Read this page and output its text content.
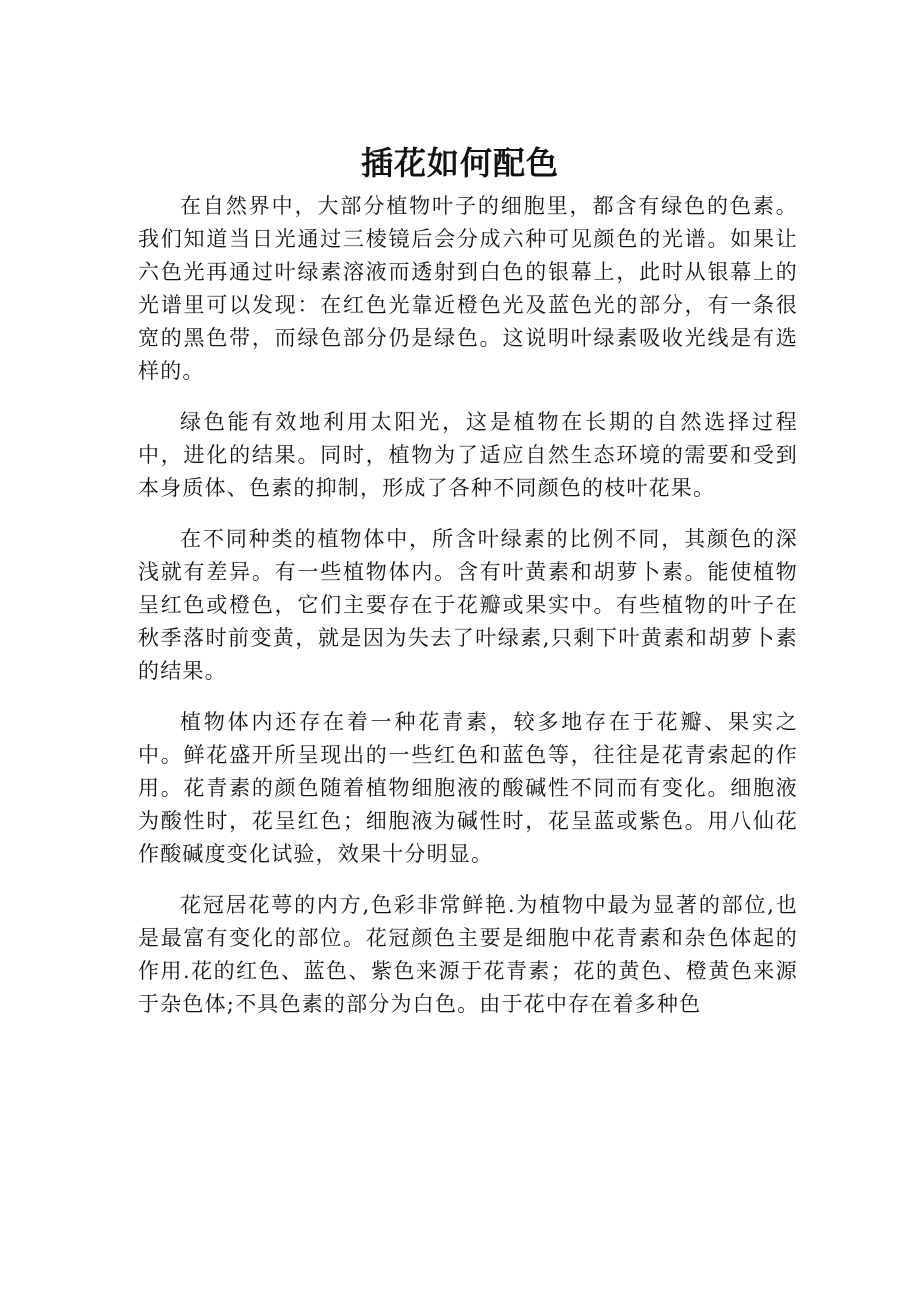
插花如何配色

在自然界中，大部分植物叶子的细胞里，都含有绿色的色素。我们知道当日光通过三棱镜后会分成六种可见颜色的光谱。如果让六色光再通过叶绿素溶液而透射到白色的银幕上，此时从银幕上的光谱里可以发现：在红色光靠近橙色光及蓝色光的部分，有一条很宽的黑色带，而绿色部分仍是绿色。这说明叶绿素吸收光线是有选样的。

绿色能有效地利用太阳光，这是植物在长期的自然选择过程中，进化的结果。同时，植物为了适应自然生态环境的需要和受到本身质体、色素的抑制，形成了各种不同颜色的枝叶花果。

在不同种类的植物体中，所含叶绿素的比例不同，其颜色的深浅就有差异。有一些植物体内。含有叶黄素和胡萝卜素。能使植物呈红色或橙色，它们主要存在于花瓣或果实中。有些植物的叶子在秋季落时前变黄，就是因为失去了叶绿素,只剩下叶黄素和胡萝卜素的结果。

植物体内还存在着一种花青素，较多地存在于花瓣、果实之中。鲜花盛开所呈现出的一些红色和蓝色等，往往是花青索起的作用。花青素的颜色随着植物细胞液的酸碱性不同而有变化。细胞液为酸性时，花呈红色；细胞液为碱性时，花呈蓝或紫色。用八仙花作酸碱度变化试验，效果十分明显。

花冠居花萼的内方,色彩非常鲜艳.为植物中最为显著的部位,也是最富有变化的部位。花冠颜色主要是细胞中花青素和杂色体起的作用.花的红色、蓝色、紫色来源于花青素；花的黄色、橙黄色来源于杂色体;不具色素的部分为白色。由于花中存在着多种色
